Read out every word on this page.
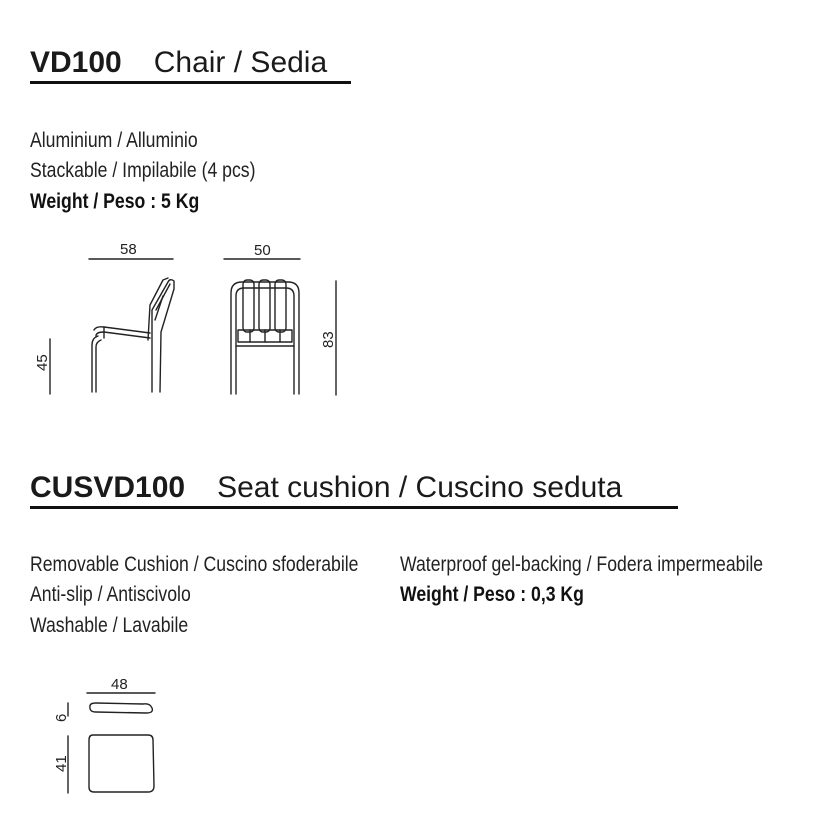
VD100 Chair / Sedia
Aluminium / Alluminio
Stackable / Impilabile (4 pcs)
Weight / Peso : 5 Kg
58	50
45
83
CUSVD100 Seat cushion / Cuscino seduta
Removable Cushion / Cuscino sfoderabile
Anti-slip / Antiscivolo
Washable / Lavabile
Waterproof gel-backing / Fodera impermeabile
Weight / Peso : 0,3 Kg
48
6
41
